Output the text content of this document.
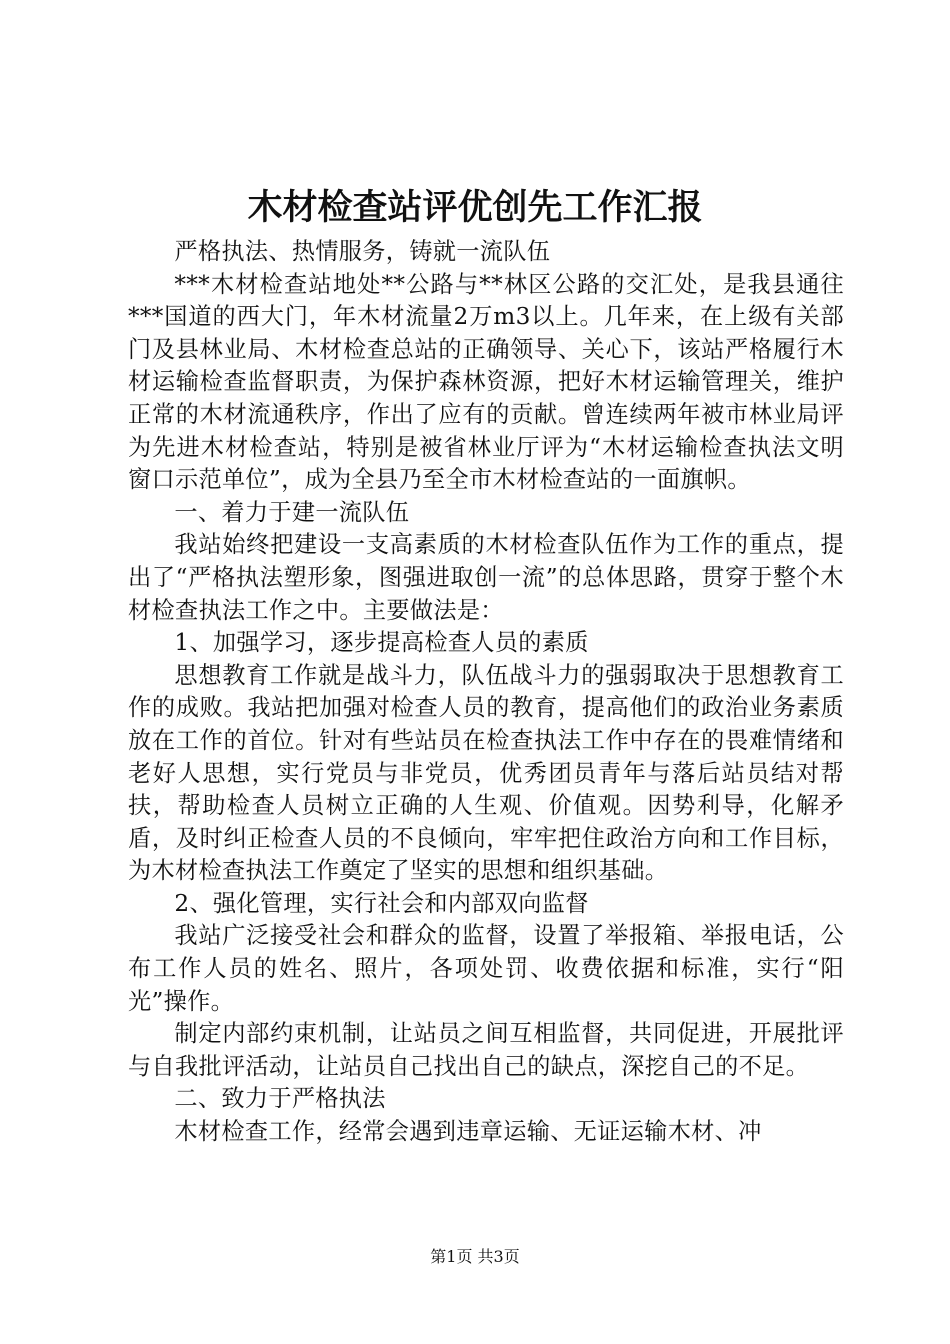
木材检查站评优创先工作汇报

严格执法、热情服务，铸就一流队伍

***木材检查站地处**公路与**林区公路的交汇处，是我县通往***国道的西大门，年木材流量2万m3以上。几年来，在上级有关部门及县林业局、木材检查总站的正确领导、关心下，该站严格履行木材运输检查监督职责，为保护森林资源，把好木材运输管理关，维护正常的木材流通秩序，作出了应有的贡献。曾连续两年被市林业局评为先进木材检查站，特别是被省林业厅评为“木材运输检查执法文明窗口示范单位”，成为全县乃至全市木材检查站的一面旗帜。

一、着力于建一流队伍

我站始终把建设一支高素质的木材检查队伍作为工作的重点，提出了“严格执法塑形象，图强进取创一流”的总体思路，贯穿于整个木材检查执法工作之中。主要做法是：

1、加强学习，逐步提高检查人员的素质

思想教育工作就是战斗力，队伍战斗力的强弱取决于思想教育工作的成败。我站把加强对检查人员的教育，提高他们的政治业务素质放在工作的首位。针对有些站员在检查执法工作中存在的畏难情绪和老好人思想，实行党员与非党员，优秀团员青年与落后站员结对帮扶，帮助检查人员树立正确的人生观、价值观。因势利导，化解矛盾，及时纠正检查人员的不良倾向，牢牢把住政治方向和工作目标，为木材检查执法工作奠定了坚实的思想和组织基础。

2、强化管理，实行社会和内部双向监督

我站广泛接受社会和群众的监督，设置了举报箱、举报电话，公布工作人员的姓名、照片，各项处罚、收费依据和标准，实行“阳光”操作。

制定内部约束机制，让站员之间互相监督，共同促进，开展批评与自我批评活动，让站员自己找出自己的缺点，深挖自己的不足。

二、致力于严格执法

木材检查工作，经常会遇到违章运输、无证运输木材、冲

第1页 共3页
